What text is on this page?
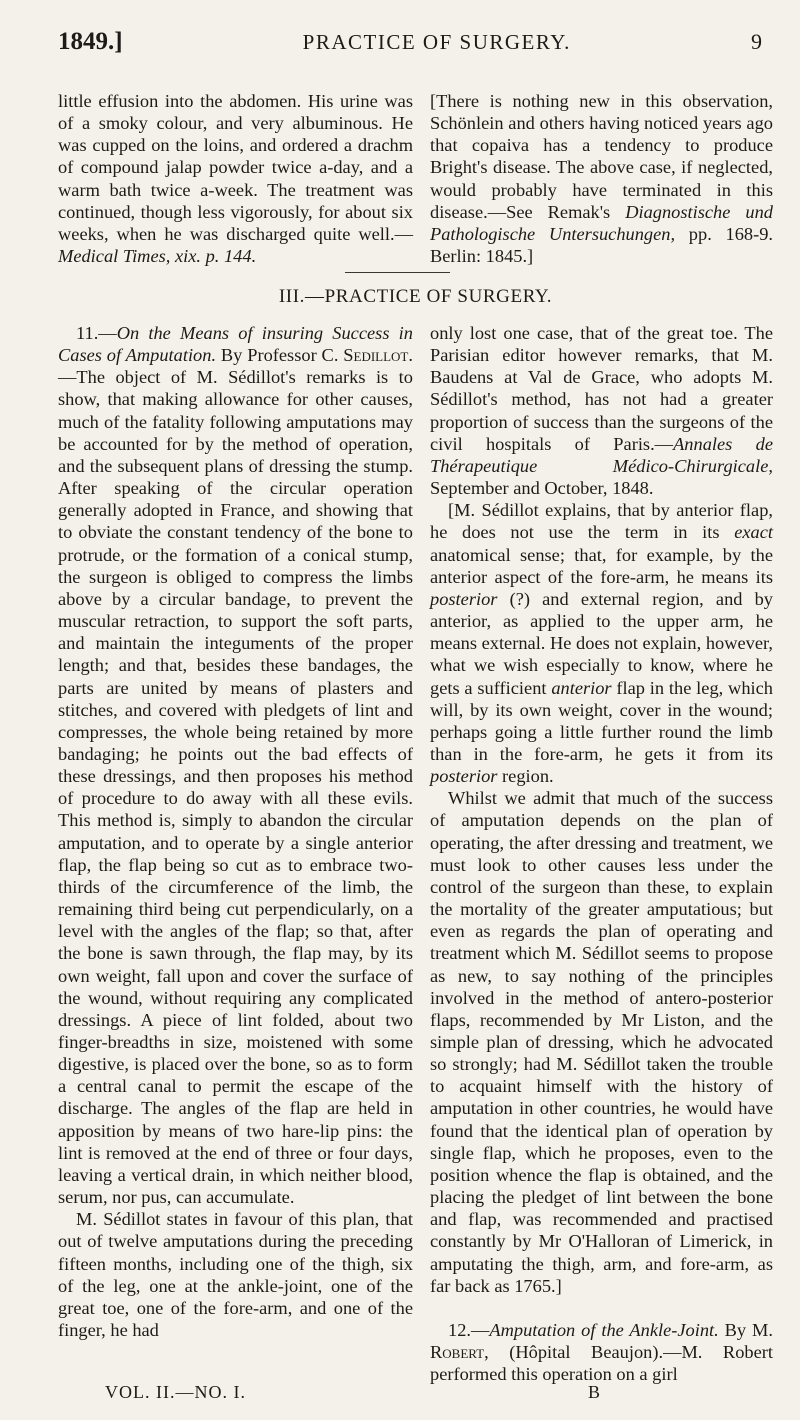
1849.]	PRACTICE OF SURGERY.	9

little effusion into the abdomen. His urine was of a smoky colour, and very albuminous. He was cupped on the loins, and ordered a drachm of compound jalap powder twice a-day, and a warm bath twice a-week. The treatment was continued, though less vigorously, for about six weeks, when he was discharged quite well.—Medical Times, xix. p. 144.

[There is nothing new in this observation, Schönlein and others having noticed years ago that copaiva has a tendency to produce Bright's disease. The above case, if neglected, would probably have terminated in this disease.—See Remak's Diagnostische und Pathologische Untersuchungen, pp. 168-9. Berlin: 1845.]

III.—PRACTICE OF SURGERY.

11.—On the Means of insuring Success in Cases of Amputation. By Professor C. Sedillot.—The object of M. Sédillot's remarks is to show, that making allowance for other causes, much of the fatality following amputations may be accounted for by the method of operation, and the subsequent plans of dressing the stump. After speaking of the circular operation generally adopted in France, and showing that to obviate the constant tendency of the bone to protrude, or the formation of a conical stump, the surgeon is obliged to compress the limbs above by a circular bandage, to prevent the muscular retraction, to support the soft parts, and maintain the integuments of the proper length; and that, besides these bandages, the parts are united by means of plasters and stitches, and covered with pledgets of lint and compresses, the whole being retained by more bandaging; he points out the bad effects of these dressings, and then proposes his method of procedure to do away with all these evils. This method is, simply to abandon the circular amputation, and to operate by a single anterior flap, the flap being so cut as to embrace two-thirds of the circumference of the limb, the remaining third being cut perpendicularly, on a level with the angles of the flap; so that, after the bone is sawn through, the flap may, by its own weight, fall upon and cover the surface of the wound, without requiring any complicated dressings. A piece of lint folded, about two finger-breadths in size, moistened with some digestive, is placed over the bone, so as to form a central canal to permit the escape of the discharge. The angles of the flap are held in apposition by means of two hare-lip pins: the lint is removed at the end of three or four days, leaving a vertical drain, in which neither blood, serum, nor pus, can accumulate.

M. Sédillot states in favour of this plan, that out of twelve amputations during the preceding fifteen months, including one of the thigh, six of the leg, one at the ankle-joint, one of the great toe, one of the fore-arm, and one of the finger, he had

only lost one case, that of the great toe. The Parisian editor however remarks, that M. Baudens at Val de Grace, who adopts M. Sédillot's method, has not had a greater proportion of success than the surgeons of the civil hospitals of Paris.—Annales de Thérapeutique Médico-Chirurgicale, September and October, 1848.

[M. Sédillot explains, that by anterior flap, he does not use the term in its exact anatomical sense; that, for example, by the anterior aspect of the fore-arm, he means its posterior (?) and external region, and by anterior, as applied to the upper arm, he means external. He does not explain, however, what we wish especially to know, where he gets a sufficient anterior flap in the leg, which will, by its own weight, cover in the wound; perhaps going a little further round the limb than in the fore-arm, he gets it from its posterior region.

Whilst we admit that much of the success of amputation depends on the plan of operating, the after dressing and treatment, we must look to other causes less under the control of the surgeon than these, to explain the mortality of the greater amputatious; but even as regards the plan of operating and treatment which M. Sédillot seems to propose as new, to say nothing of the principles involved in the method of antero-posterior flaps, recommended by Mr Liston, and the simple plan of dressing, which he advocated so strongly; had M. Sédillot taken the trouble to acquaint himself with the history of amputation in other countries, he would have found that the identical plan of operation by single flap, which he proposes, even to the position whence the flap is obtained, and the placing the pledget of lint between the bone and flap, was recommended and practised constantly by Mr O'Halloran of Limerick, in amputating the thigh, arm, and fore-arm, as far back as 1765.]

12.—Amputation of the Ankle-Joint. By M. Robert, (Hôpital Beaujon).—M. Robert performed this operation on a girl

VOL. II.—NO. I.	B
